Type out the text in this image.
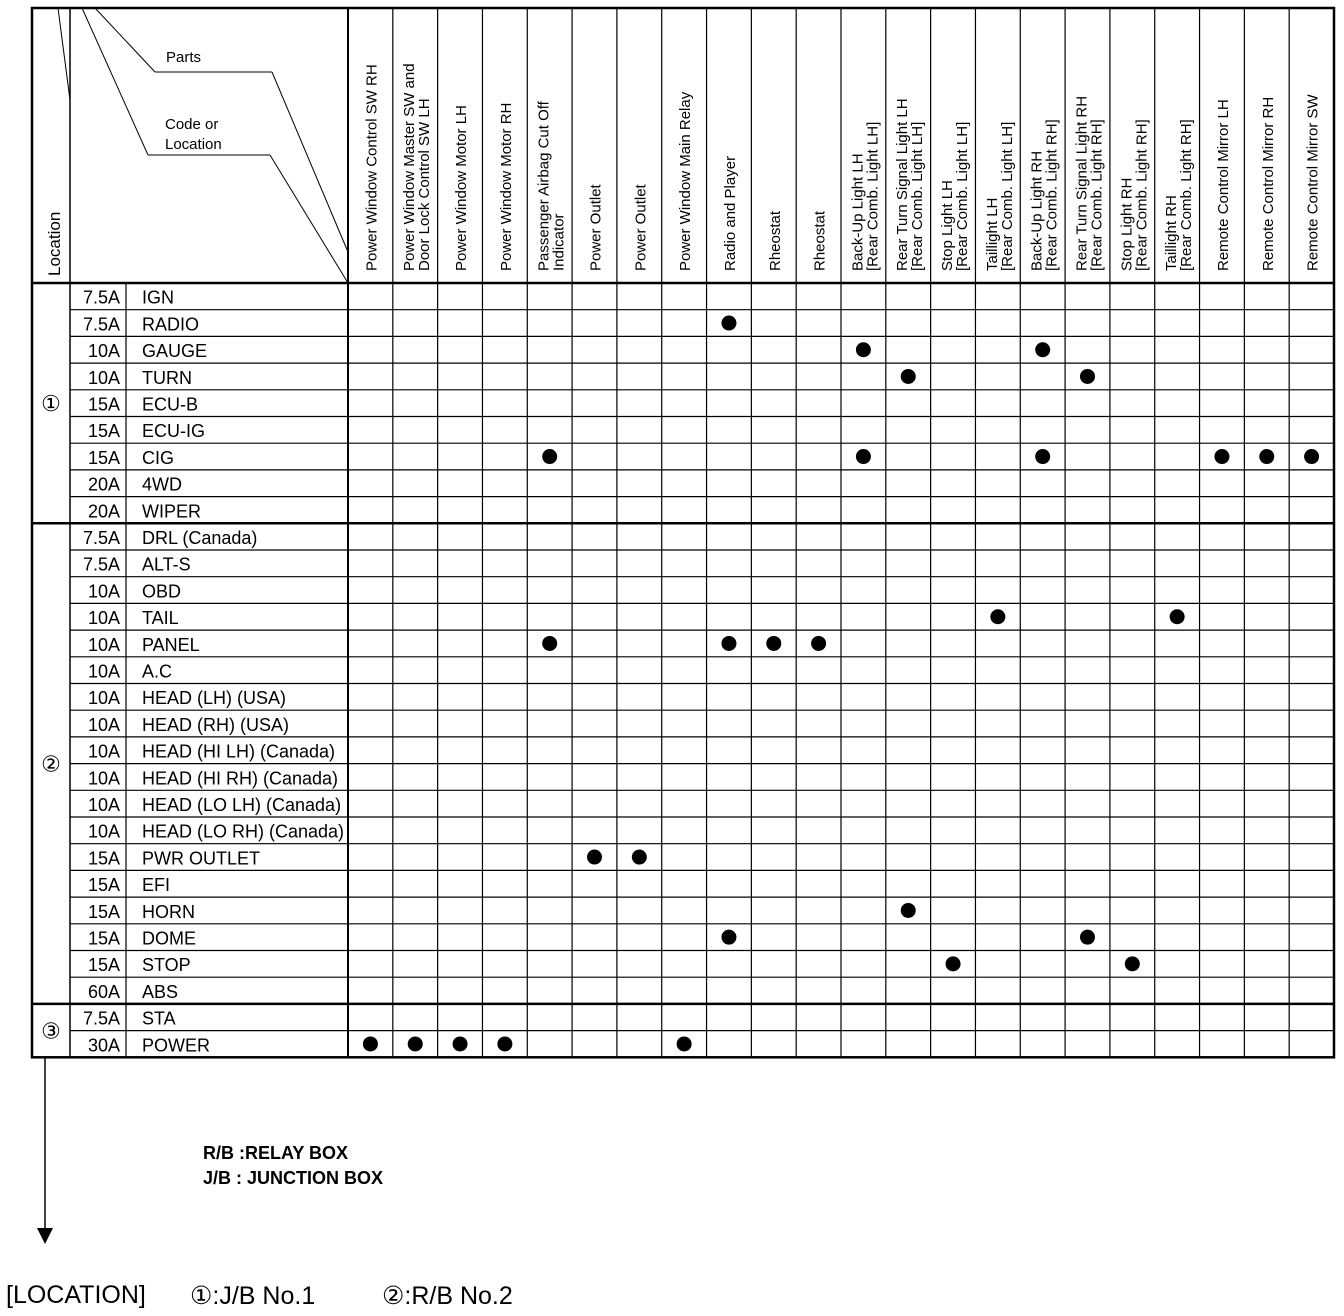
Parts
Code or
Location
Location	Power Window Control SW RH Power Window Master SW and
Door Lock Control SW LH Power Window Motor LH Power Window Motor RH Passenger Airbag Cut Off
Indicator Power Outlet Power Outlet Power Window Main Relay Radio and Player Rheostat Rheostat Back-Up Light LH
[Rear Comb. Light LH] Rear Turn Signal Light LH
[Rear Comb. Light LH] Stop Light LH
[Rear Comb. Light LH] Taillight LH
[Rear Comb. Light LH] Back-Up Light RH
[Rear Comb. Light RH] Rear Turn Signal Light RH
[Rear Comb. Light RH] Stop Light RH
[Rear Comb. Light RH] Taillight RH
[Rear Comb. Light RH] Remote Control Mirror LH Remote Control Mirror RH Remote Control Mirror SW
①
7.5A IGN
7.5A RADIO
10A GAUGE
10A TURN
15A ECU-B
15A ECU-IG
15A CIG
20A 4WD
20A WIPER
②
7.5A DRL (Canada)
7.5A ALT-S
10A OBD
10A TAIL
10A PANEL
10A A.C
10A HEAD (LH) (USA)
10A HEAD (RH) (USA)
10A HEAD (HI LH) (Canada)
10A HEAD (HI RH) (Canada)
10A HEAD (LO LH) (Canada)
10A HEAD (LO RH) (Canada)
15A PWR OUTLET
15A EFI
15A HORN
15A DOME
15A STOP
60A ABS
③ 7.5A STA
30A POWER
R/B :RELAY BOX
J/B : JUNCTION BOX
[LOCATION] ①:J/B No.1	②:R/B No.2
